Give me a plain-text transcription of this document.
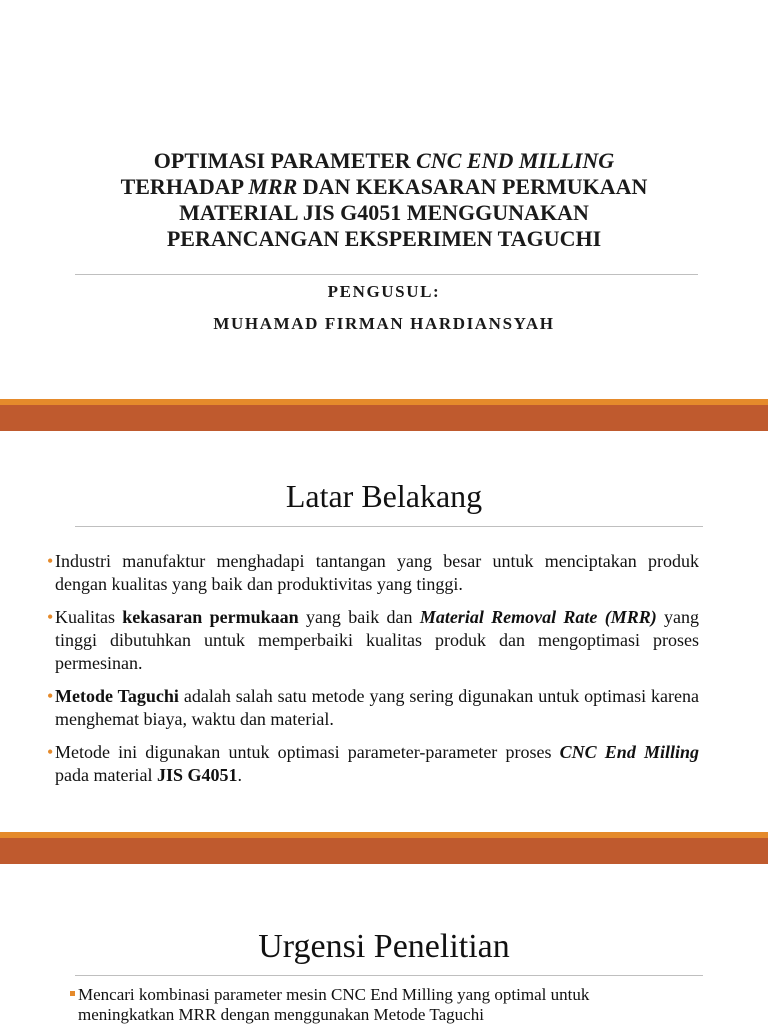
OPTIMASI PARAMETER CNC END MILLING
TERHADAP MRR DAN KEKASARAN PERMUKAAN
MATERIAL JIS G4051 MENGGUNAKAN
PERANCANGAN EKSPERIMEN TAGUCHI
PENGUSUL:
MUHAMAD FIRMAN HARDIANSYAH
Latar Belakang

• Industri manufaktur menghadapi tantangan yang besar untuk menciptakan produk dengan kualitas yang baik dan produktivitas yang tinggi.

• Kualitas kekasaran permukaan yang baik dan Material Removal Rate (MRR) yang tinggi dibutuhkan untuk memperbaiki kualitas produk dan mengoptimasi proses permesinan.

• Metode Taguchi adalah salah satu metode yang sering digunakan untuk optimasi karena menghemat biaya, waktu dan material.

• Metode ini digunakan untuk optimasi parameter-parameter proses CNC End Milling pada material JIS G4051.

Urgensi Penelitian
Mencari kombinasi parameter mesin CNC End Milling yang optimal untuk
meningkatkan MRR dengan menggunakan Metode Taguchi
